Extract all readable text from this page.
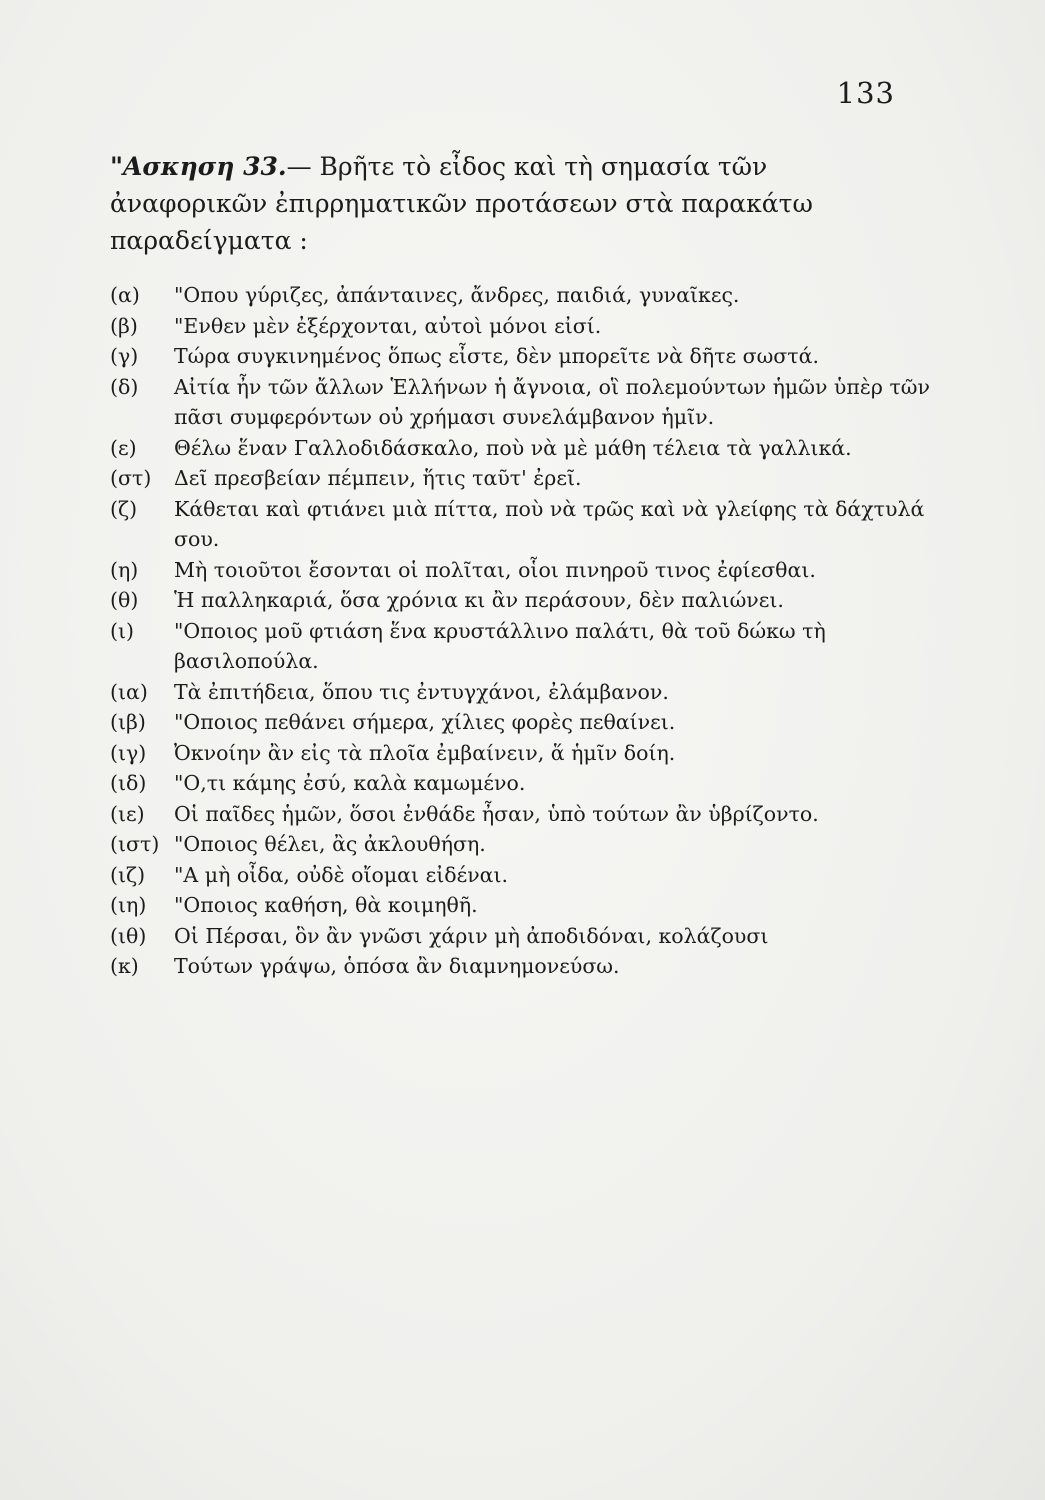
133

"Ασκηση 33.— Βρῆτε τὸ εἶδος καὶ τὴ σημασία τῶν
ἀναφορικῶν ἐπιρρηματικῶν προτάσεων στὰ παρακάτω
παραδείγματα :

(α)	"Οπου γύριζες, ἀπάνταινες, ἄνδρες, παιδιά, γυναῖκες.
(β)	"Ενθεν μὲν ἐξέρχονται, αὐτοὶ μόνοι εἰσί.
(γ)	Τώρα συγκινημένος ὅπως εἶστε, δὲν μπορεῖτε νὰ δῆτε σωστά.
(δ)	Αἰτία ἦν τῶν ἄλλων Ἑλλήνων ἡ ἄγνοια, οἳ πολεμούντων ἡμῶν ὑπὲρ τῶν πᾶσι συμφερόντων οὐ χρήμασι συνελάμβανον ἡμῖν.
(ε)	Θέλω ἕναν Γαλλοδιδάσκαλο, ποὺ νὰ μὲ μάθη τέλεια τὰ γαλλικά.
(στ)	Δεῖ πρεσβείαν πέμπειν, ἥτις ταῦτ' ἐρεῖ.
(ζ)	Κάθεται καὶ φτιάνει μιὰ πίττα, ποὺ νὰ τρῶς καὶ νὰ γλείφης τὰ δάχτυλά σου.
(η)	Μὴ τοιοῦτοι ἔσονται οἱ πολῖται, οἷοι πινηροῦ τινος ἐφίεσθαι.
(θ)	Ἡ παλληκαριά, ὅσα χρόνια κι ἂν περάσουν, δὲν παλιώνει.
(ι)	"Οποιος μοῦ φτιάση ἕνα κρυστάλλινο παλάτι, θὰ τοῦ δώκω τὴ βασιλοπούλα.
(ια)	Τὰ ἐπιτήδεια, ὅπου τις ἐντυγχάνοι, ἐλάμβανον.
(ιβ)	"Οποιος πεθάνει σήμερα, χίλιες φορὲς πεθαίνει.
(ιγ)	Ὀκνοίην ἂν εἰς τὰ πλοῖα ἐμβαίνειν, ἅ ἡμῖν δοίη.
(ιδ)	"Ο,τι κάμης ἐσύ, καλὰ καμωμένο.
(ιε)	Οἱ παῖδες ἡμῶν, ὅσοι ἐνθάδε ἦσαν, ὑπὸ τούτων ἂν ὑβρίζοντο.
(ιστ) "Οποιος θέλει, ἂς ἀκλουθήση.
(ιζ)	"Α μὴ οἶδα, οὐδὲ οἴομαι εἰδέναι.
(ιη)	"Οποιος καθήση, θὰ κοιμηθῆ.
(ιθ)	Οἱ Πέρσαι, ὃν ἂν γνῶσι χάριν μὴ ἀποδιδόναι, κολάζουσι
(κ)	Τούτων γράψω, ὁπόσα ἂν διαμνημονεύσω.
